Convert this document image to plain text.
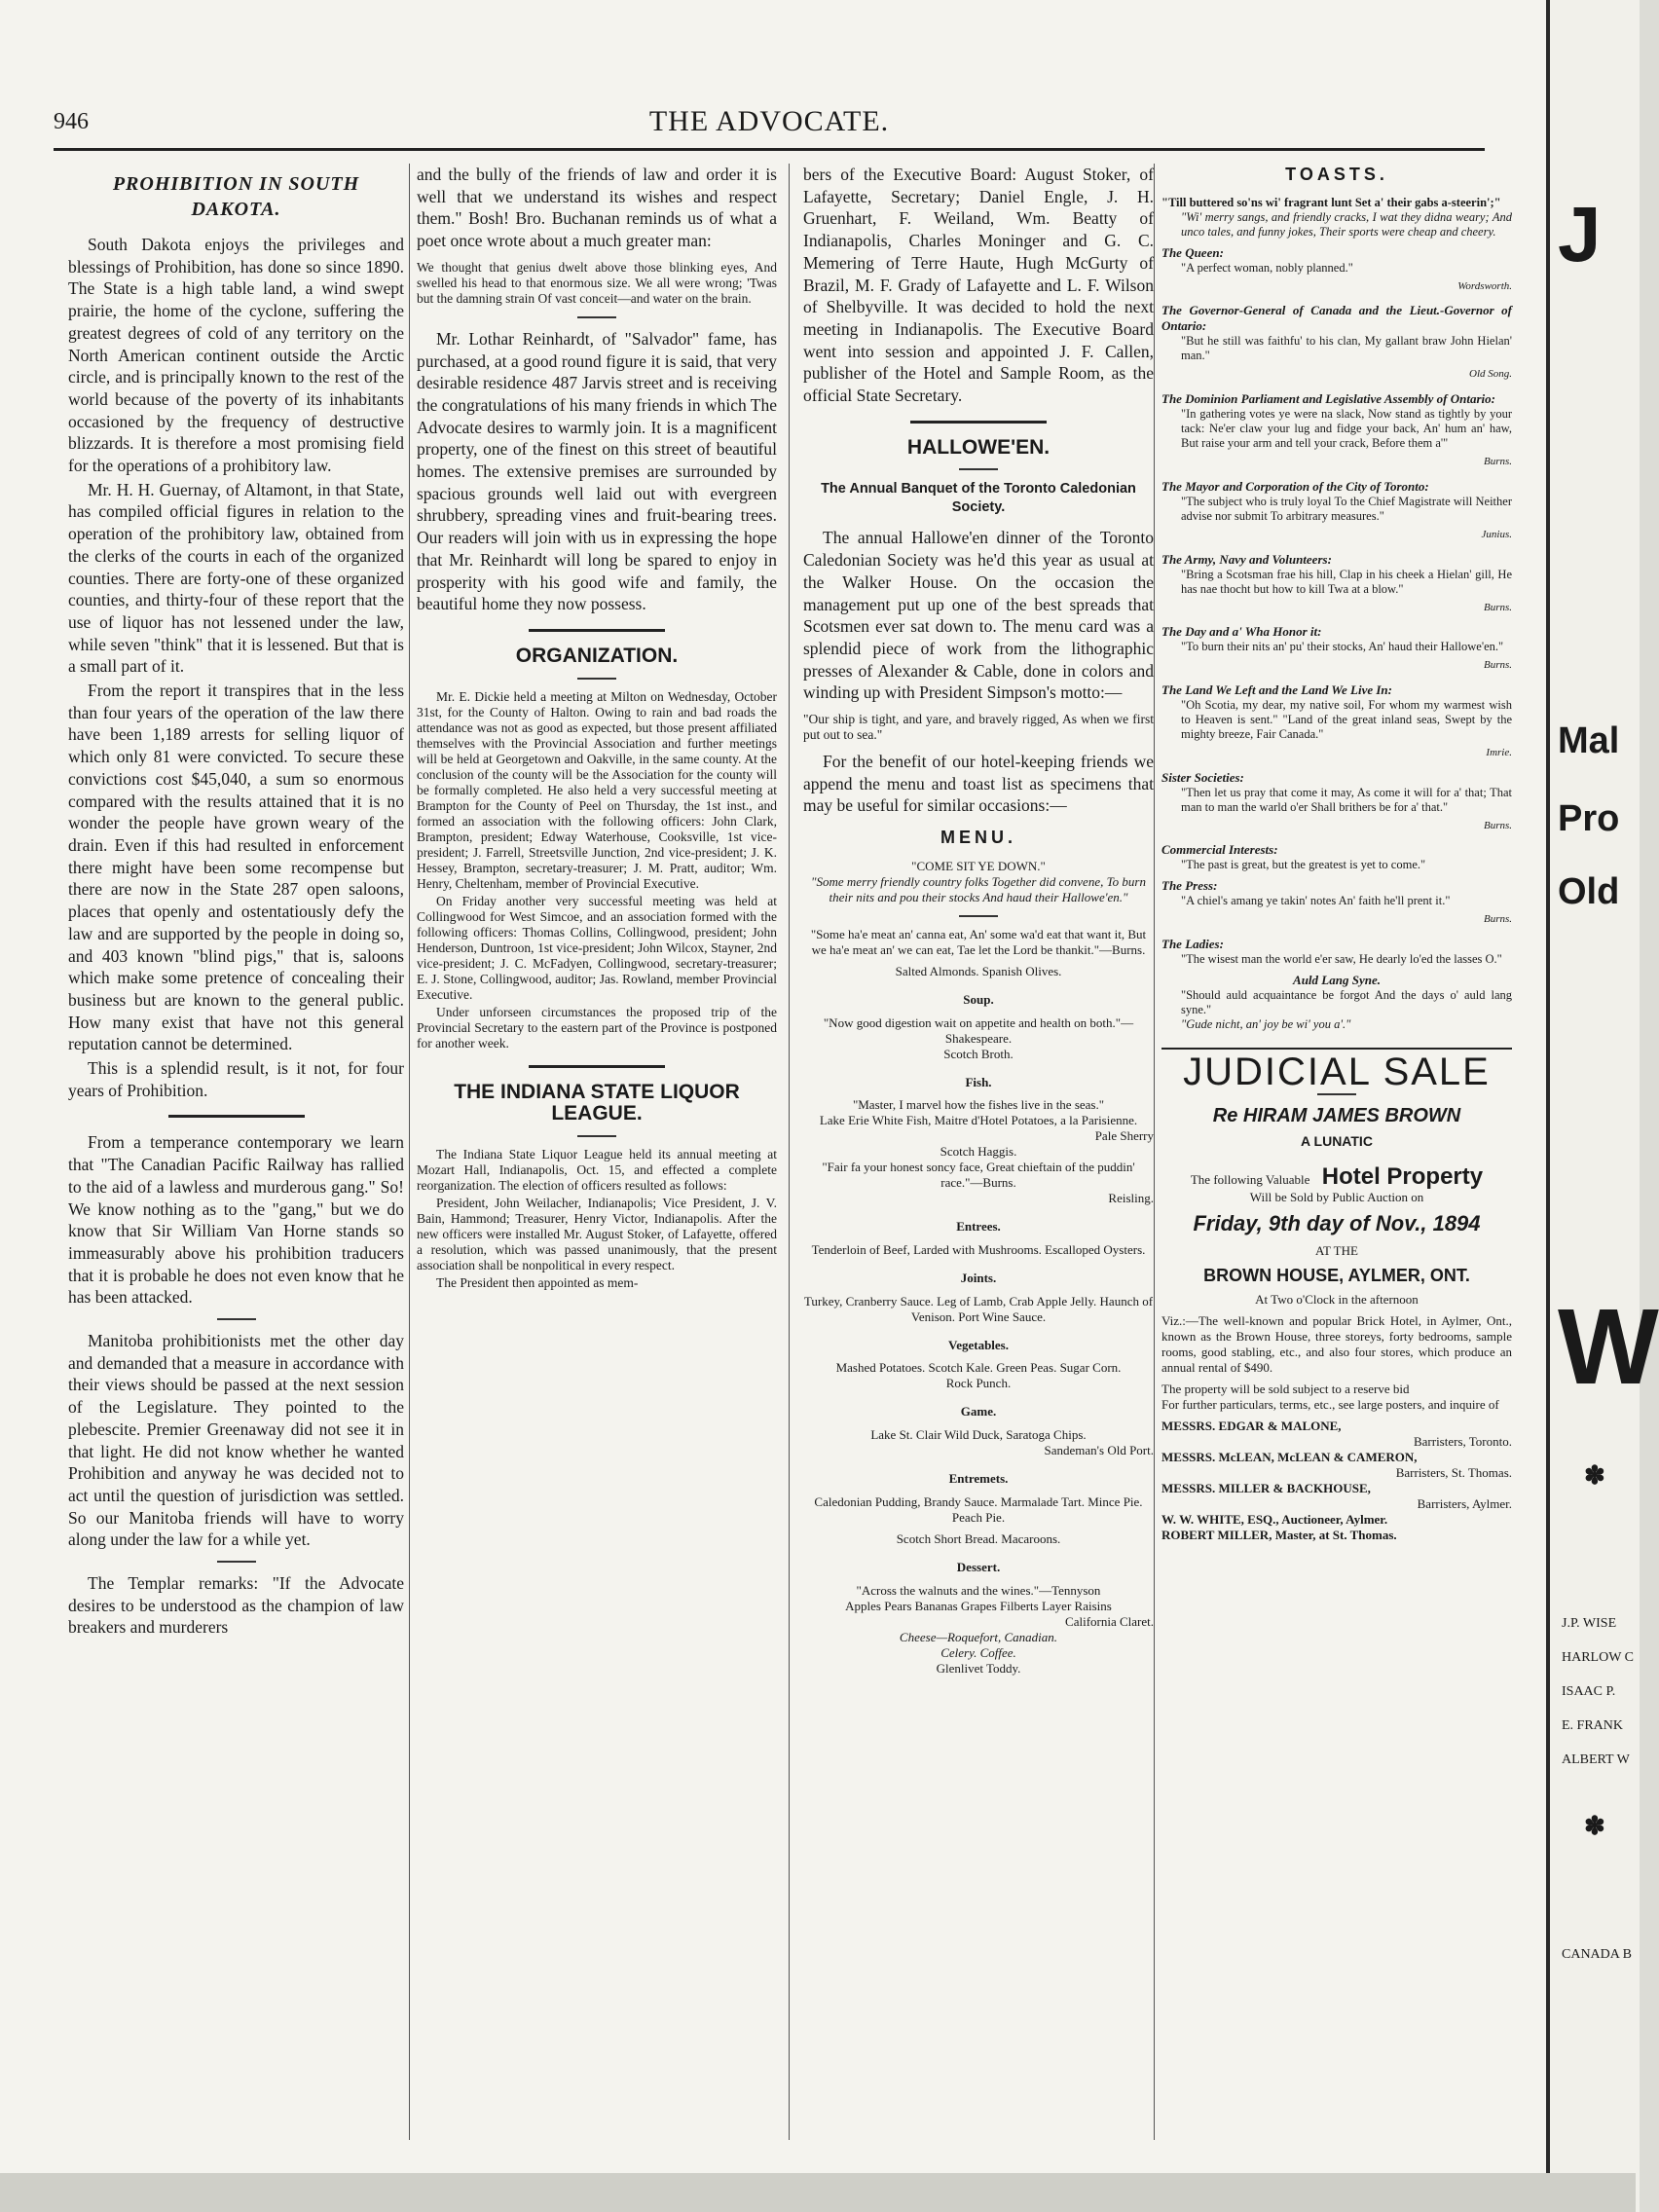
946	THE ADVOCATE.
PROHIBITION IN SOUTH DAKOTA.

South Dakota enjoys the privileges and blessings of Prohibition, has done so since 1890. The State is a high table land, a wind swept prairie, the home of the cyclone, suffering the greatest degrees of cold of any territory on the North American continent outside the Arctic circle, and is principally known to the rest of the world because of the poverty of its inhabitants occasioned by the frequency of destructive blizzards. It is therefore a most promising field for the operations of a prohibitory law.

Mr. H. H. Guernay, of Altamont, in that State, has compiled official figures in relation to the operation of the prohibitory law, obtained from the clerks of the courts in each of the organized counties. There are forty-one of these organized counties, and thirty-four of these report that the use of liquor has not lessened under the law, while seven "think" that it is lessened. But that is a small part of it.

From the report it transpires that in the less than four years of the operation of the law there have been 1,189 arrests for selling liquor of which only 81 were convicted. To secure these convictions cost $45,040, a sum so enormous compared with the results attained that it is no wonder the people have grown weary of the drain. Even if this had resulted in enforcement there might have been some recompense but there are now in the State 287 open saloons, places that openly and ostentatiously defy the law and are supported by the people in doing so, and 403 known "blind pigs," that is, saloons which make some pretence of concealing their business but are known to the general public. How many exist that have not this general reputation cannot be determined.

This is a splendid result, is it not, for four years of Prohibition.

From a temperance contemporary we learn that "The Canadian Pacific Railway has rallied to the aid of a lawless and murderous gang." So! We know nothing as to the "gang," but we do know that Sir William Van Horne stands so immeasurably above his prohibition traducers that it is probable he does not even know that he has been attacked.

Manitoba prohibitionists met the other day and demanded that a measure in accordance with their views should be passed at the next session of the Legislature. They pointed to the plebescite. Premier Greenaway did not see it in that light. He did not know whether he wanted Prohibition and anyway he was decided not to act until the question of jurisdiction was settled. So our Manitoba friends will have to worry along under the law for a while yet.

The Templar remarks: "If the Advocate desires to be understood as the champion of law breakers and murderers

and the bully of the friends of law and order it is well that we understand its wishes and respect them." Bosh! Bro. Buchanan reminds us of what a poet once wrote about a much greater man:

We thought that genius dwelt above those blinking eyes, And swelled his head to that enormous size. We all were wrong; 'Twas but the damning strain Of vast conceit—and water on the brain.

Mr. Lothar Reinhardt, of "Salvador" fame, has purchased, at a good round figure it is said, that very desirable residence 487 Jarvis street and is receiving the congratulations of his many friends in which The Advocate desires to warmly join. It is a magnificent property, one of the finest on this street of beautiful homes. The extensive premises are surrounded by spacious grounds well laid out with evergreen shrubbery, spreading vines and fruit-bearing trees. Our readers will join with us in expressing the hope that Mr. Reinhardt will long be spared to enjoy in prosperity with his good wife and family, the beautiful home they now possess.

ORGANIZATION.

Mr. E. Dickie held a meeting at Milton on Wednesday, October 31st, for the County of Halton. Owing to rain and bad roads the attendance was not as good as expected, but those present affiliated themselves with the Provincial Association and further meetings will be held at Georgetown and Oakville, in the same county. At the conclusion of the county will be the Association for the county will be formally completed. He also held a very successful meeting at Brampton for the County of Peel on Thursday, the 1st inst., and formed an association with the following officers: John Clark, Brampton, president; Edway Waterhouse, Cooksville, 1st vice-president; J. Farrell, Streetsville Junction, 2nd vice-president; J. K. Hessey, Brampton, secretary-treasurer; J. M. Pratt, auditor; Wm. Henry, Cheltenham, member of Provincial Executive.

On Friday another very successful meeting was held at Collingwood for West Simcoe, and an association formed with the following officers: Thomas Collins, Collingwood, president; John Henderson, Duntroon, 1st vice-president; John Wilcox, Stayner, 2nd vice-president; J. C. McFadyen, Collingwood, secretary-treasurer; E. J. Stone, Collingwood, auditor; Jas. Rowland, member Provincial Executive.

Under unforseen circumstances the proposed trip of the Provincial Secretary to the eastern part of the Province is postponed for another week.

THE INDIANA STATE LIQUOR LEAGUE.

The Indiana State Liquor League held its annual meeting at Mozart Hall, Indianapolis, Oct. 15, and effected a complete reorganization. The election of officers resulted as follows:

President, John Weilacher, Indianapolis; Vice President, J. V. Bain, Hammond; Treasurer, Henry Victor, Indianapolis. After the new officers were installed Mr. August Stoker, of Lafayette, offered a resolution, which was passed unanimously, that the present association shall be nonpolitical in every respect.

The President then appointed as mem-

bers of the Executive Board: August Stoker, of Lafayette, Secretary; Daniel Engle, J. H. Gruenhart, F. Weiland, Wm. Beatty of Indianapolis, Charles Moninger and G. C. Memering of Terre Haute, Hugh McGurty of Brazil, M. F. Grady of Lafayette and L. F. Wilson of Shelbyville. It was decided to hold the next meeting in Indianapolis. The Executive Board went into session and appointed J. F. Callen, publisher of the Hotel and Sample Room, as the official State Secretary.

HALLOWE'EN.
The Annual Banquet of the Toronto Caledonian Society.

The annual Hallowe'en dinner of the Toronto Caledonian Society was he'd this year as usual at the Walker House. On the occasion the management put up one of the best spreads that Scotsmen ever sat down to. The menu card was a splendid piece of work from the lithographic presses of Alexander & Cable, done in colors and winding up with President Simpson's motto:—

"Our ship is tight, and yare, and bravely rigged, As when we first put out to sea."

For the benefit of our hotel-keeping friends we append the menu and toast list as specimens that may be useful for similar occasions:—

MENU.
"COME SIT YE DOWN."
"Some merry friendly country folks Together did convene, To burn their nits and pou their stocks And haud their Hallowe'en."
"Some ha'e meat an' canna eat, An' some wa'd eat that want it, But we ha'e meat an' we can eat, Tae let the Lord be thankit."—Burns.
Salted Almonds. Spanish Olives.
Soup.
"Now good digestion wait on appetite and health on both."—Shakespeare.
Scotch Broth.
Fish.
"Master, I marvel how the fishes live in the seas."
Lake Erie White Fish, Maitre d'Hotel Potatoes, a la Parisienne.
Pale Sherry
Scotch Haggis.
"Fair fa your honest soncy face, Great chieftain of the puddin' race."—Burns.
Reisling.
Entrees.
Tenderloin of Beef, Larded with Mushrooms. Escalloped Oysters.
Joints.
Turkey, Cranberry Sauce. Leg of Lamb, Crab Apple Jelly. Haunch of Venison. Port Wine Sauce.
Vegetables.
Mashed Potatoes. Scotch Kale. Green Peas. Sugar Corn.
Rock Punch.
Game.
Lake St. Clair Wild Duck, Saratoga Chips.
Sandeman's Old Port.
Entremets.
Caledonian Pudding, Brandy Sauce. Marmalade Tart. Mince Pie. Peach Pie.
Scotch Short Bread. Macaroons.
Dessert.
"Across the walnuts and the wines."—Tennyson
Apples Pears Bananas Grapes Filberts Layer Raisins
California Claret.
Cheese—Roquefort, Canadian.
Celery. Coffee.
Glenlivet Toddy.
TOASTS.
"Till buttered so'ns wi' fragrant lunt Set a' their gabs a-steerin';"
"Wi' merry sangs, and friendly cracks, I wat they didna weary; And unco tales, and funny jokes, Their sports were cheap and cheery.
The Queen:
"A perfect woman, nobly planned."
Wordsworth.
The Governor-General of Canada and the Lieut.-Governor of Ontario:
"But he still was faithfu' to his clan, My gallant braw John Hielan' man."
Old Song.
The Dominion Parliament and Legislative Assembly of Ontario:
"In gathering votes ye were na slack, Now stand as tightly by your tack: Ne'er claw your lug and fidge your back, An' hum an' haw, But raise your arm and tell your crack, Before them a'"
Burns.
The Mayor and Corporation of the City of Toronto:
"The subject who is truly loyal To the Chief Magistrate will Neither advise nor submit To arbitrary measures."
Junius.
The Army, Navy and Volunteers:
"Bring a Scotsman frae his hill, Clap in his cheek a Hielan' gill, He has nae thocht but how to kill Twa at a blow."
Burns.
The Day and a' Wha Honor it:
"To burn their nits an' pu' their stocks, An' haud their Hallowe'en."
Burns.
The Land We Left and the Land We Live In:
"Oh Scotia, my dear, my native soil, For whom my warmest wish to Heaven is sent." "Land of the great inland seas, Swept by the mighty breeze, Fair Canada."
Imrie.
Sister Societies:
"Then let us pray that come it may, As come it will for a' that; That man to man the warld o'er Shall brithers be for a' that."
Burns.
Commercial Interests:
"The past is great, but the greatest is yet to come."
The Press:
"A chiel's amang ye takin' notes An' faith he'll prent it."
Burns.
The Ladies:
"The wisest man the world e'er saw, He dearly lo'ed the lasses O."
Auld Lang Syne.
"Should auld acquaintance be forgot And the days o' auld lang syne."
"Gude nicht, an' joy be wi' you a'."
JUDICIAL SALE
Re HIRAM JAMES BROWN
A LUNATIC
The following Valuable Hotel Property
Will be Sold by Public Auction on
Friday, 9th day of Nov., 1894
AT THE
BROWN HOUSE, AYLMER, ONT.
At Two o'Clock in the afternoon
Viz.:—The well-known and popular Brick Hotel, in Aylmer, Ont., known as the Brown House, three storeys, forty bedrooms, sample rooms, good stabling, etc., and also four stores, which produce an annual rental of $490.
The property will be sold subject to a reserve bid
For further particulars, terms, etc., see large posters, and inquire of
MESSRS. EDGAR & MALONE,
Barristers, Toronto.
MESSRS. McLEAN, McLEAN & CAMERON,
Barristers, St. Thomas.
MESSRS. MILLER & BACKHOUSE,
Barristers, Aylmer.
W. W. WHITE, ESQ., Auctioneer, Aylmer.
ROBERT MILLER, Master, at St. Thomas.
J
Mal
Pro
Old
W
✽
J.P. WISE
HARLOW C
ISAAC P.
E. FRANK
ALBERT W
✽
CANADA B
